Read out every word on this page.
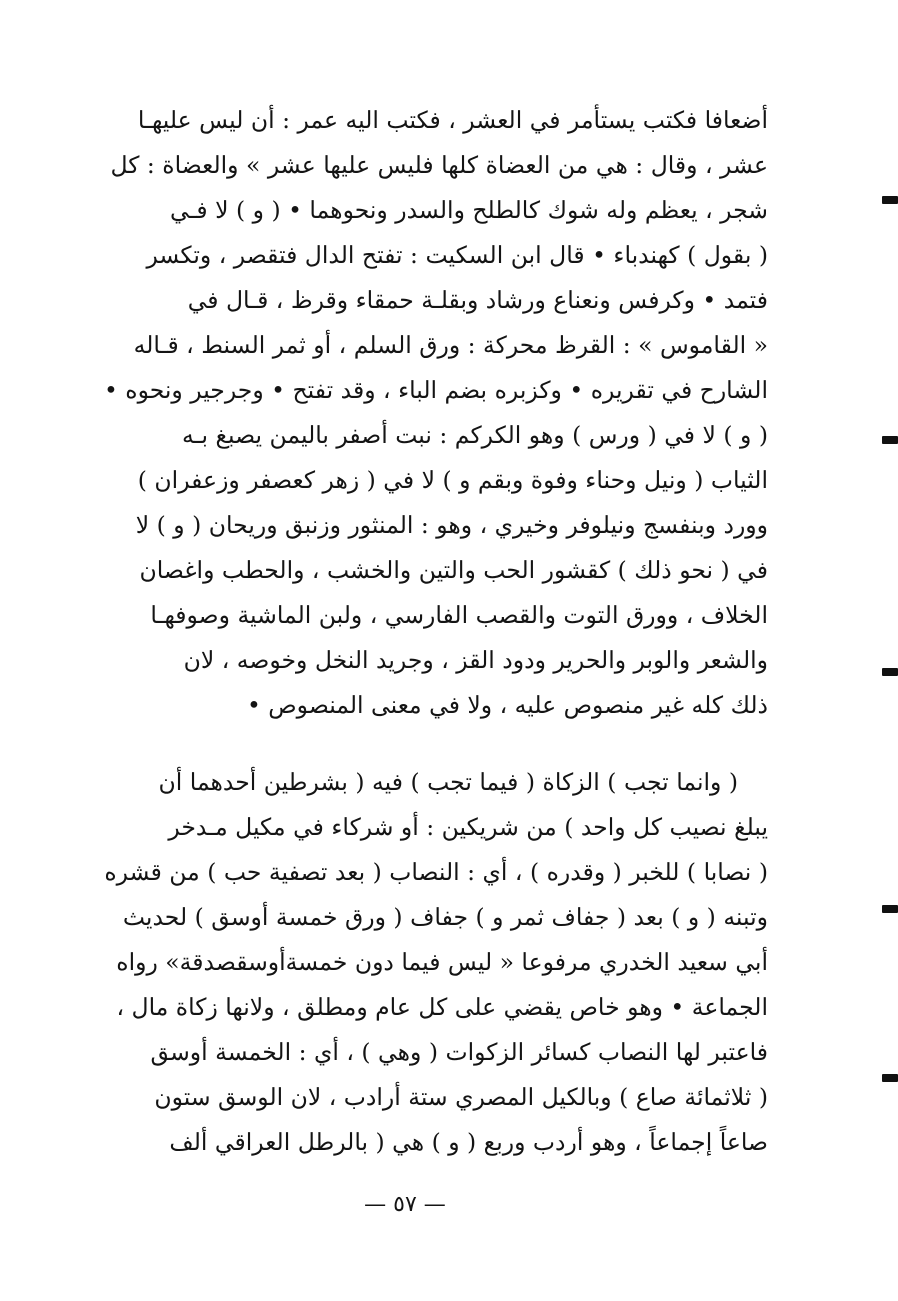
أضعافا فكتب يستأمر في العشر ، فكتب اليه عمر : أن ليس عليهـا
عشر ، وقال : هي من العضاة كلها فليس عليها عشر » والعضاة : كل
شجر ، يعظم وله شوك كالطلح والسدر ونحوهما • ( و ) لا فـي
( بقول ) كهندباء • قال ابن السكيت : تفتح الدال فتقصر ، وتكسر
فتمد • وكرفس ونعناع ورشاد وبقلـة حمقاء وقرظ ، قـال في
« القاموس » : القرظ محركة : ورق السلم ، أو ثمر السنط ، قـاله
الشارح في تقريره • وكزبره بضم الباء ، وقد تفتح • وجرجير ونحوه •
( و ) لا في ( ورس ) وهو الكركم : نبت أصفر باليمن يصبغ بـه
الثياب ( ونيل وحناء وفوة وبقم و ) لا في ( زهر كعصفر وزعفران )
وورد وبنفسج ونيلوفر وخيري ، وهو : المنثور وزنبق وريحان ( و ) لا
في ( نحو ذلك ) كقشور الحب والتين والخشب ، والحطب واغصان
الخلاف ، وورق التوت والقصب الفارسي ، ولبن الماشية وصوفهـا
والشعر والوبر والحرير ودود القز ، وجريد النخل وخوصه ، لان
ذلك كله غير منصوص عليه ، ولا في معنى المنصوص •
( وانما تجب ) الزكاة ( فيما تجب ) فيه ( بشرطين أحدهما أن
يبلغ نصيب كل واحد ) من شريكين : أو شركاء في مكيل مـدخر
( نصابا ) للخبر ( وقدره ) ، أي : النصاب ( بعد تصفية حب ) من قشره
وتبنه ( و ) بعد ( جفاف ثمر و ) جفاف ( ورق خمسة أوسق ) لحديث
أبي سعيد الخدري مرفوعا « ليس فيما دون خمسةأوسقصدقة» رواه
الجماعة • وهو خاص يقضي على كل عام ومطلق ، ولانها زكاة مال ،
فاعتبر لها النصاب كسائر الزكوات ( وهي ) ، أي : الخمسة أوسق
( ثلاثمائة صاع ) وبالكيل المصري ستة أرادب ، لان الوسق ستون
صاعاً إجماعاً ، وهو أردب وربع ( و ) هي ( بالرطل العراقي ألف
— ٥٧ —
